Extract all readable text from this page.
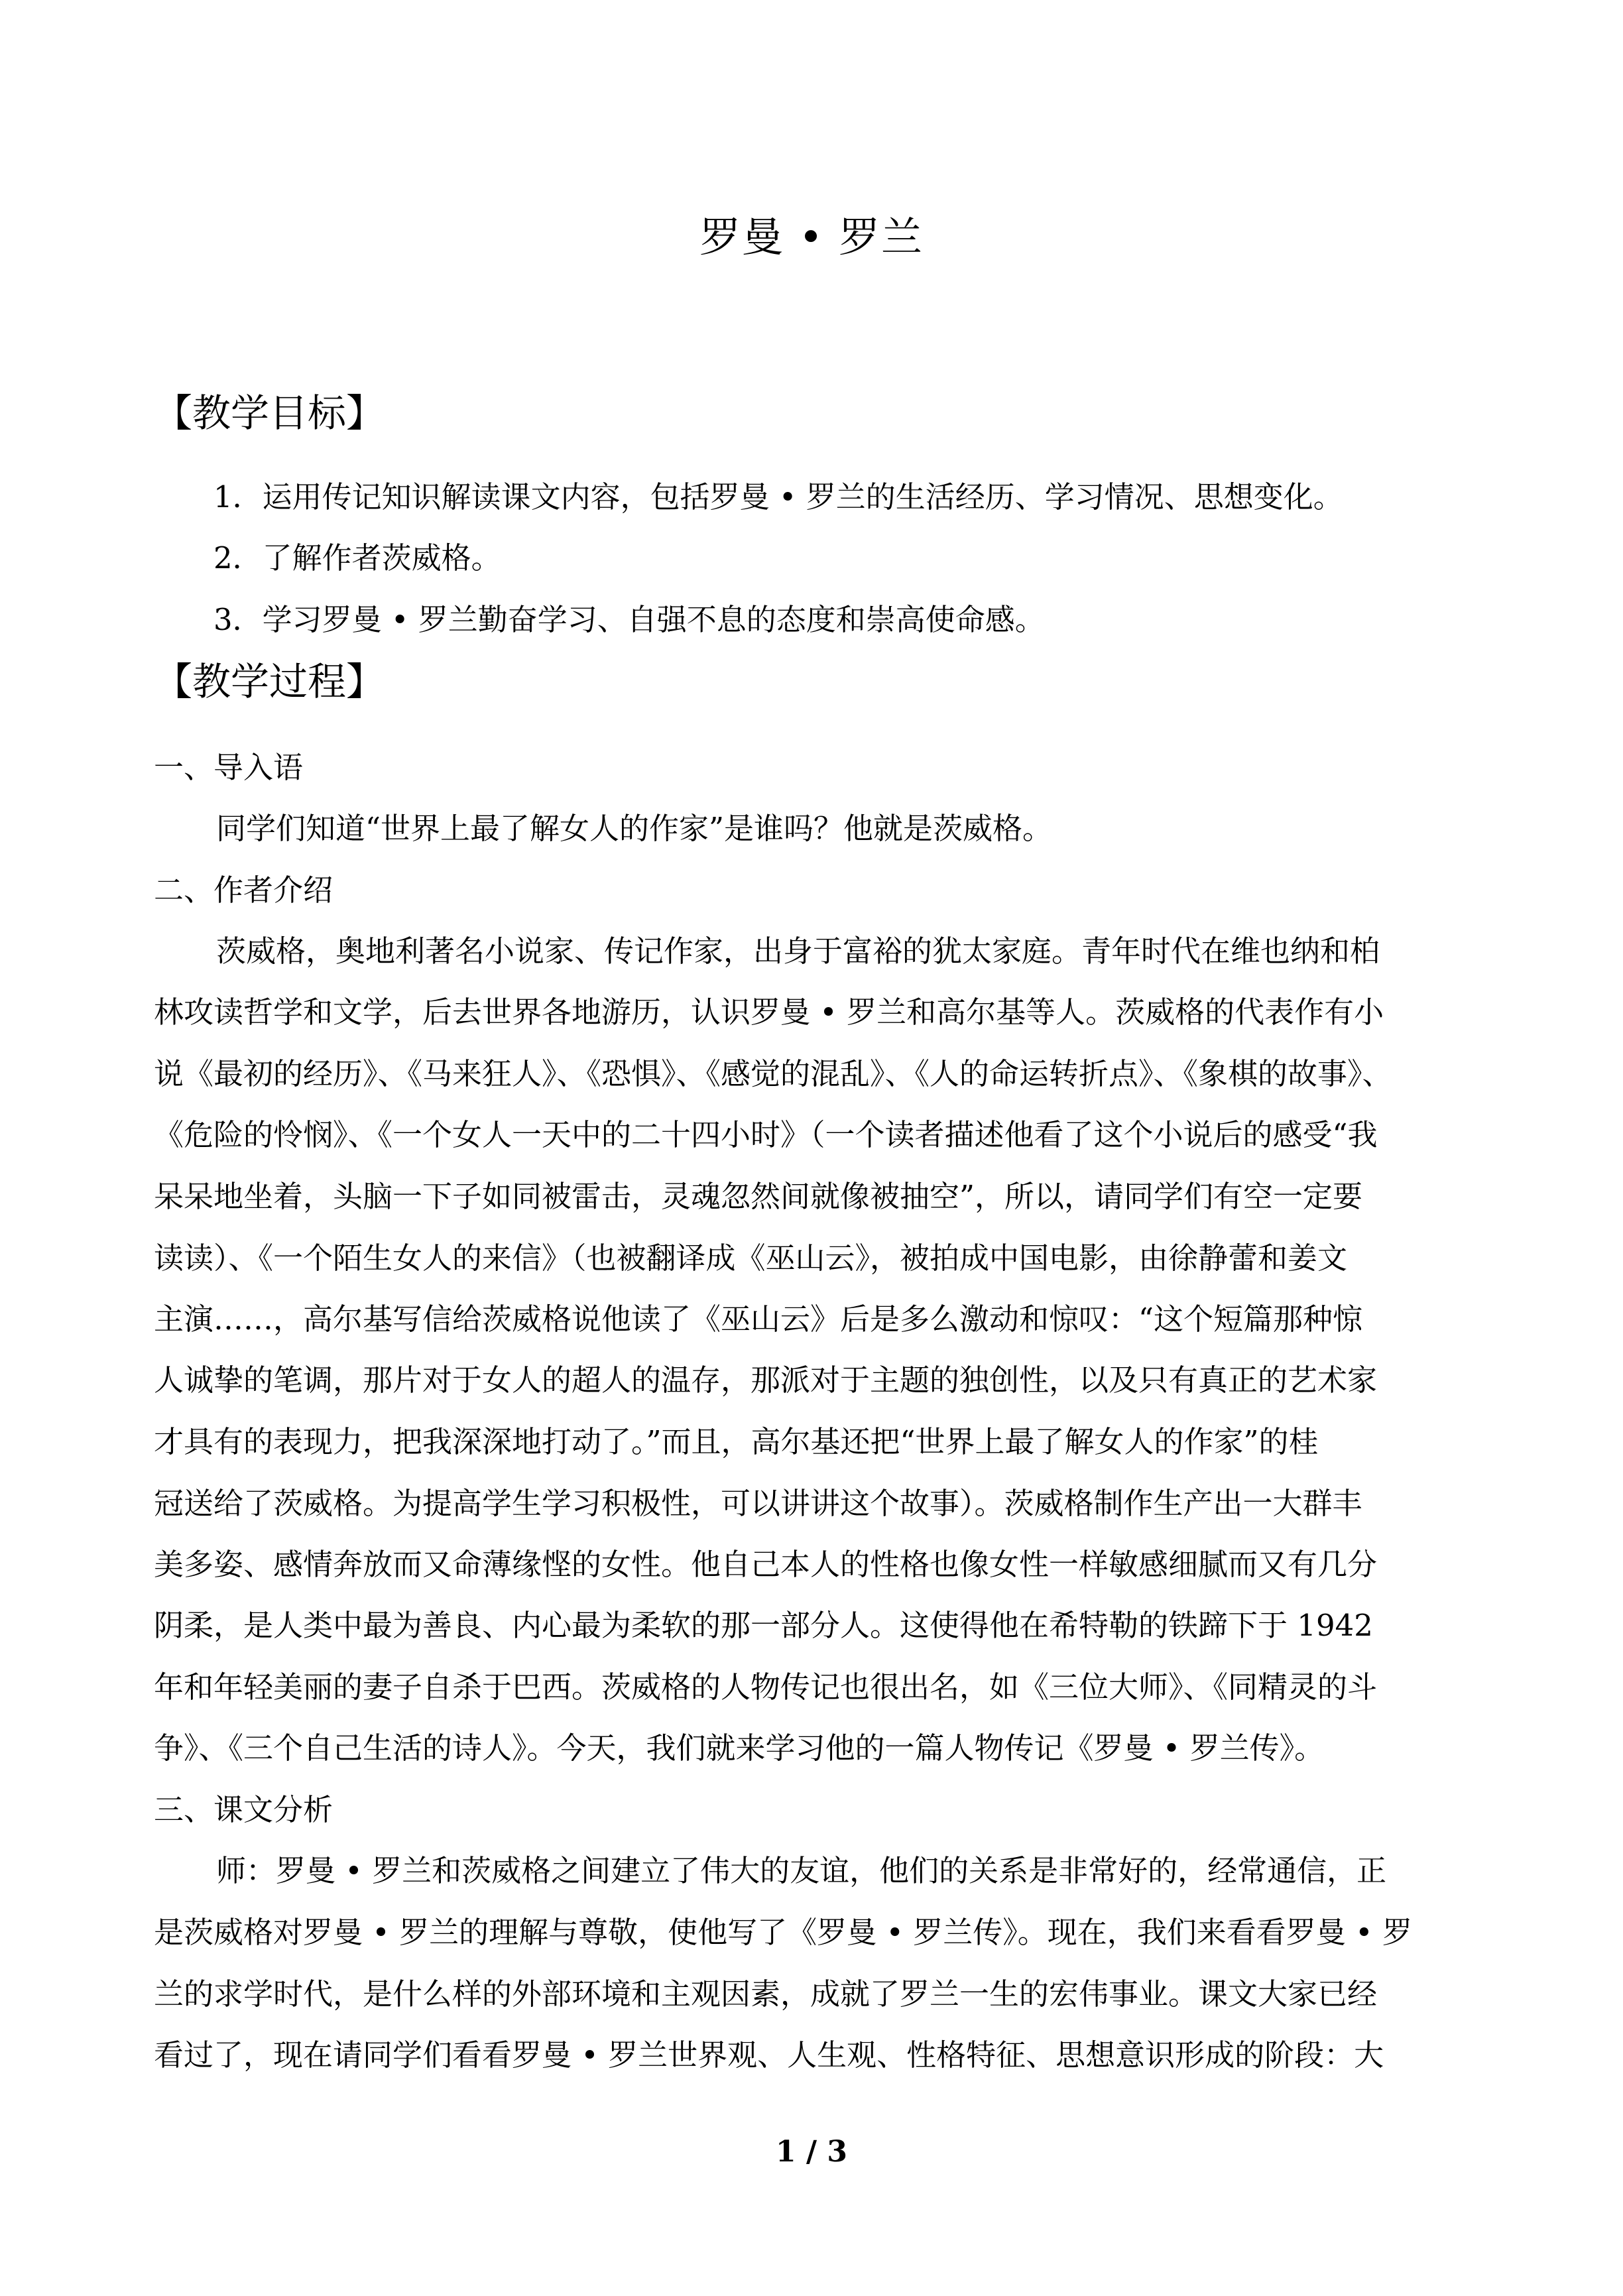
罗曼 • 罗兰
【教学目标】
1．运用传记知识解读课文内容，包括罗曼 • 罗兰的生活经历、学习情况、思想变化。
2．了解作者茨威格。
3．学习罗曼 • 罗兰勤奋学习、自强不息的态度和崇高使命感。
【教学过程】
一、导入语
同学们知道“世界上最了解女人的作家”是谁吗？他就是茨威格。
二、作者介绍
茨威格，奥地利著名小说家、传记作家，出身于富裕的犹太家庭。青年时代在维也纳和柏
林攻读哲学和文学，后去世界各地游历，认识罗曼 • 罗兰和高尔基等人。茨威格的代表作有小
说《最初的经历》、《马来狂人》、《恐惧》、《感觉的混乱》、《人的命运转折点》、《象棋的故事》、
《危险的怜悯》、《一个女人一天中的二十四小时》（一个读者描述他看了这个小说后的感受“我
呆呆地坐着，头脑一下子如同被雷击，灵魂忽然间就像被抽空”，所以，请同学们有空一定要
读读）、《一个陌生女人的来信》（也被翻译成《巫山云》，被拍成中国电影，由徐静蕾和姜文
主演……，高尔基写信给茨威格说他读了《巫山云》后是多么激动和惊叹：“这个短篇那种惊
人诚挚的笔调，那片对于女人的超人的温存，那派对于主题的独创性，以及只有真正的艺术家
才具有的表现力，把我深深地打动了。”而且，高尔基还把“世界上最了解女人的作家”的桂
冠送给了茨威格。为提高学生学习积极性，可以讲讲这个故事）。茨威格制作生产出一大群丰
美多姿、感情奔放而又命薄缘悭的女性。他自己本人的性格也像女性一样敏感细腻而又有几分
阴柔，是人类中最为善良、内心最为柔软的那一部分人。这使得他在希特勒的铁蹄下于 1942
年和年轻美丽的妻子自杀于巴西。茨威格的人物传记也很出名，如《三位大师》、《同精灵的斗
争》、《三个自己生活的诗人》。今天，我们就来学习他的一篇人物传记《罗曼 • 罗兰传》。
三、课文分析
师：罗曼 • 罗兰和茨威格之间建立了伟大的友谊，他们的关系是非常好的，经常通信，正
是茨威格对罗曼 • 罗兰的理解与尊敬，使他写了《罗曼 • 罗兰传》。现在，我们来看看罗曼 • 罗
兰的求学时代，是什么样的外部环境和主观因素，成就了罗兰一生的宏伟事业。课文大家已经
看过了，现在请同学们看看罗曼 • 罗兰世界观、人生观、性格特征、思想意识形成的阶段：大
1 / 3
